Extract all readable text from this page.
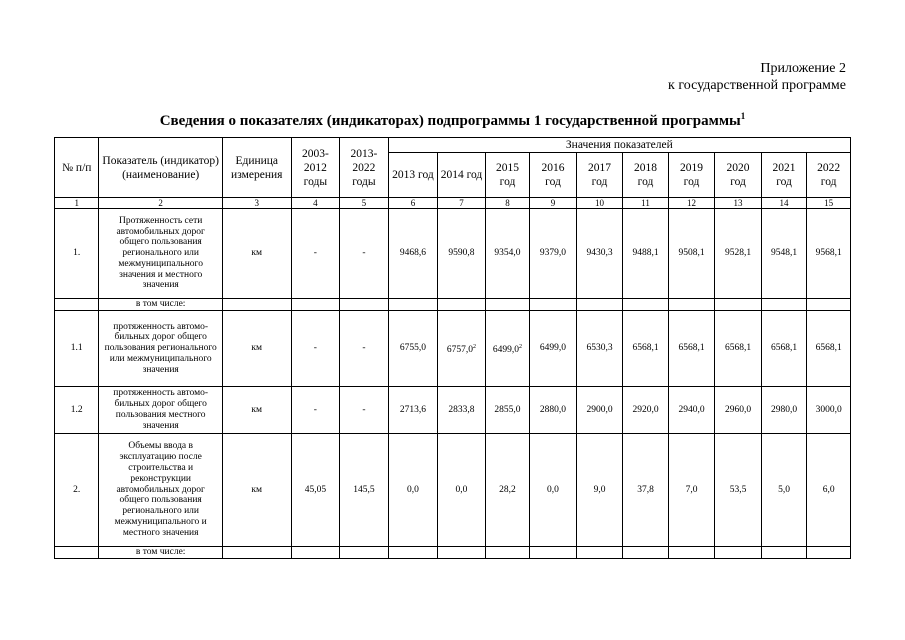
Приложение 2
к государственной программе
Сведения о показателях (индикаторах) подпрограммы 1 государственной программы$^1$
№ п/п	Показатель (индикатор) (наименование)	Единица измерения	2003-2012 годы	2013-2022 годы	Значения показателей									
					2013 год	2014 год	2015 год	2016 год	2017 год	2018 год	2019 год	2020 год	2021 год	2022 год
1	2	3	4	5	6	7	8	9	10	11	12	13	14	15
1.	Протяженность сети автомобильных дорог общего пользования регионального или межмуниципального значения и местного значения	км	-	-	9468,6	9590,8	9354,0	9379,0	9430,3	9488,1	9508,1	9528,1	9548,1	9568,1
	в том числе:													
1.1	протяженность автомо-бильных дорог общего пользования регионального или межмуниципального значения	км	-	-	6755,0	6757,0$^2$	6499,0$^2$	6499,0	6530,3	6568,1	6568,1	6568,1	6568,1	6568,1
1.2	протяженность автомо-бильных дорог общего пользования местного значения	км	-	-	2713,6	2833,8	2855,0	2880,0	2900,0	2920,0	2940,0	2960,0	2980,0	3000,0
2.	Объемы ввода в эксплуатацию после строительства и реконструкции автомобильных дорог общего пользования регионального или межмуниципального и местного значения	км	45,05	145,5	0,0	0,0	28,2	0,0	9,0	37,8	7,0	53,5	5,0	6,0
	в том числе:													
